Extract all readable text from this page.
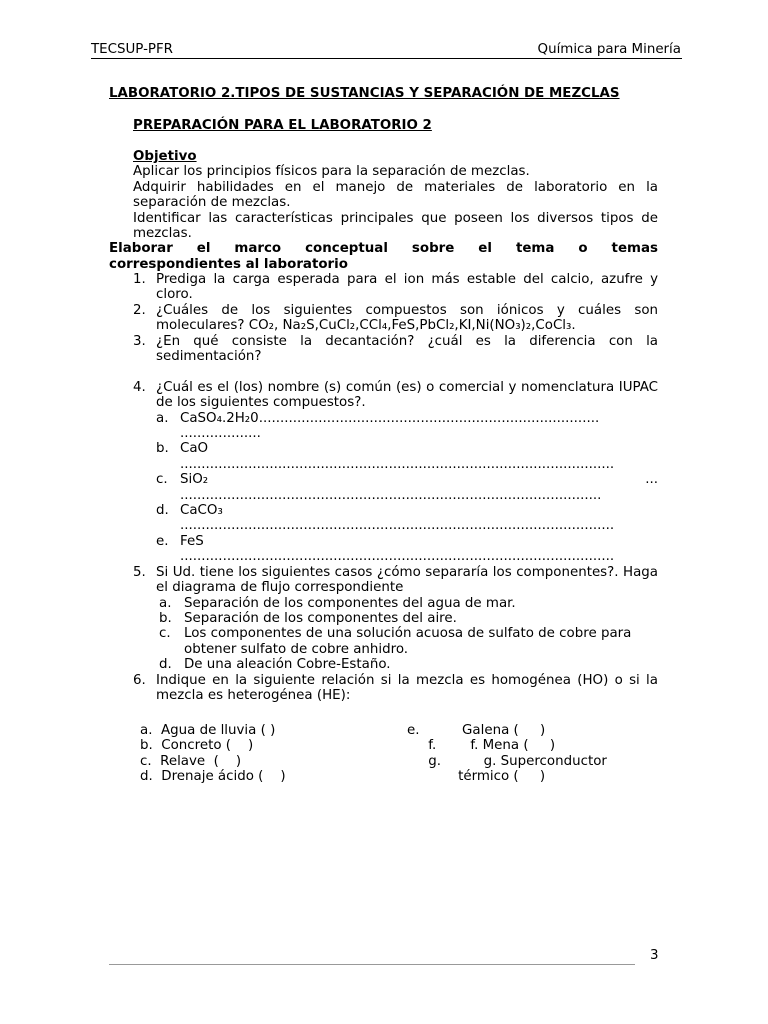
TECSUP-PFR	Química para Minería
LABORATORIO 2.TIPOS DE SUSTANCIAS Y SEPARACIÓN DE MEZCLAS
PREPARACIÓN PARA EL LABORATORIO 2
Objetivo
Aplicar los principios físicos para la separación de mezclas.
Adquirir habilidades en el manejo de materiales de laboratorio en la separación de mezclas.
Identificar las características principales que poseen los diversos tipos de mezclas.
Elaborar el marco conceptual sobre el tema o temas
correspondientes al laboratorio
1. Prediga la carga esperada para el ion más estable del calcio, azufre y cloro.
2. ¿Cuáles de los siguientes compuestos son iónicos y cuáles son moleculares? CO₂, Na₂S,CuCl₂,CCl₄,FeS,PbCl₂,KI,Ni(NO₃)₂,CoCl₃.
3. ¿En qué consiste la decantación? ¿cuál es la diferencia con la sedimentación?
4. ¿Cuál es el (los) nombre (s) común (es) o comercial y nomenclatura IUPAC de los siguientes compuestos?.
a. CaSO₄.2H₂0................................................................................
...................
b. CaO
......................................................................................................
c. SiO₂	...
...................................................................................................
d. CaCO₃
......................................................................................................
e. FeS
......................................................................................................
5. Si Ud. tiene los siguientes casos ¿cómo separaría los componentes?. Haga el diagrama de flujo correspondiente
a. Separación de los componentes del agua de mar.
b. Separación de los componentes del aire.
c. Los componentes de una solución acuosa de sulfato de cobre para obtener sulfato de cobre anhidro.
d. De una aleación Cobre-Estaño.
6. Indique en la siguiente relación si la mezcla es homogénea (HO) o si la mezcla es heterogénea (HE):
a.  Agua de lluvia ( )	e.          Galena (     )
b.  Concreto (    )	f.        f. Mena (     )
c.  Relave  (    )	g.          g. Superconductor
d.  Drenaje ácido (    )	térmico (     )
3
